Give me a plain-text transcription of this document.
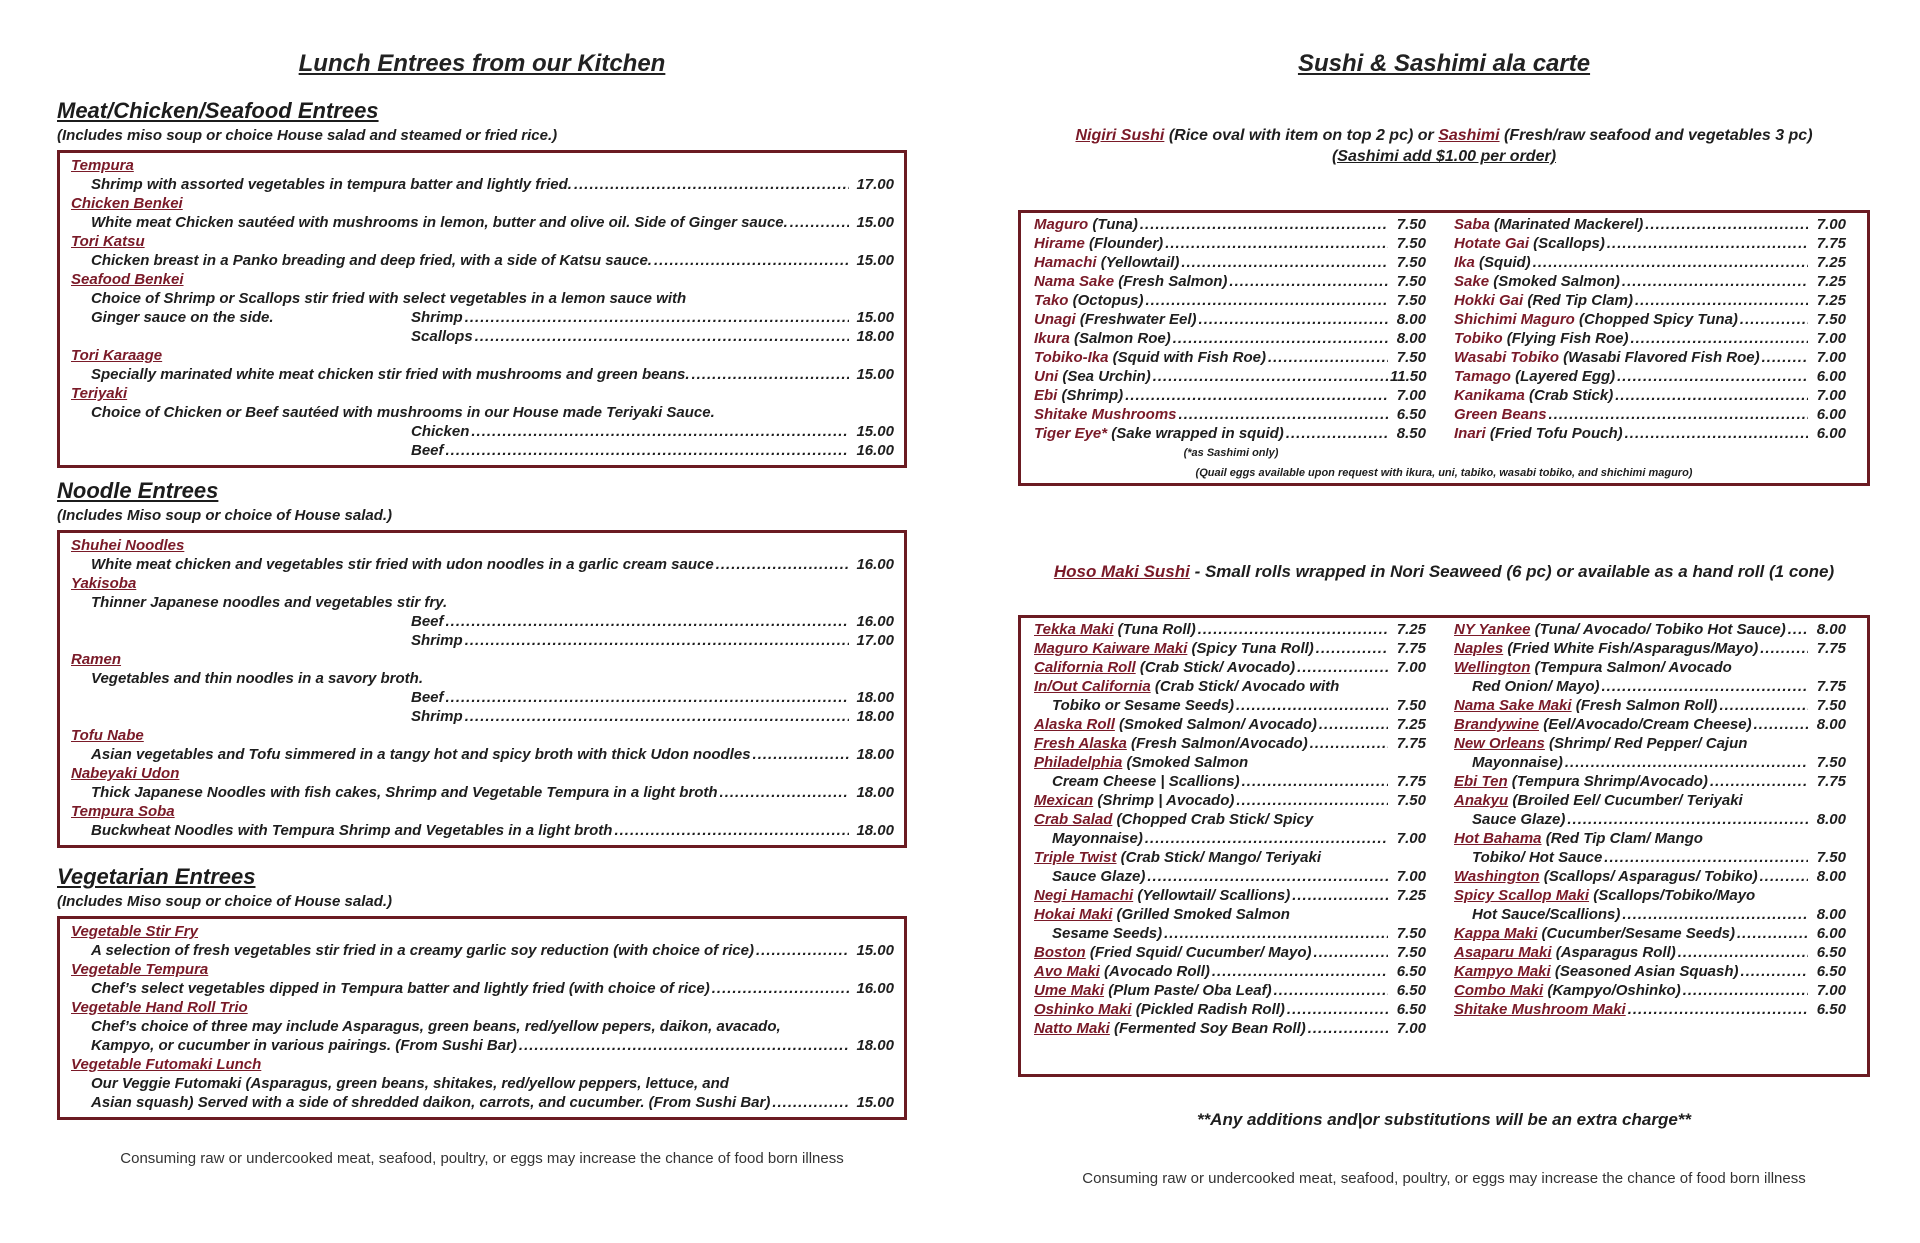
Lunch Entrees from our Kitchen
Meat/Chicken/Seafood Entrees
(Includes miso soup or choice House salad and steamed or fried rice.)
Tempura
Shrimp with assorted vegetables in tempura batter and lightly fried. .....	17.00
Chicken Benkei
White meat Chicken sautéed with mushrooms in lemon, butter and olive oil. Side of Ginger sauce. .....	15.00
Tori Katsu
Chicken breast in a Panko breading and deep fried, with a side of Katsu sauce. .....	15.00
Seafood Benkei
Choice of Shrimp or Scallops stir fried with select vegetables in a lemon sauce with
Ginger sauce on the side.	Shrimp .....	15.00
Scallops .....	18.00
Tori Karaage
Specially marinated white meat chicken stir fried with mushrooms and green beans. .....	15.00
Teriyaki
Choice of Chicken or Beef sautéed with mushrooms in our House made Teriyaki Sauce.
Chicken .....	15.00
Beef .....	16.00
Noodle Entrees
(Includes Miso soup or choice of House salad.)
Shuhei Noodles
White meat chicken and vegetables stir fried with udon noodles in a garlic cream sauce .....	16.00
Yakisoba
Thinner Japanese noodles and vegetables stir fry.
Beef .....	16.00
Shrimp .....	17.00
Ramen
Vegetables and thin noodles in a savory broth.
Beef .....	18.00
Shrimp .....	18.00
Tofu Nabe
Asian vegetables and Tofu simmered in a tangy hot and spicy broth with thick Udon noodles .....	18.00
Nabeyaki Udon
Thick Japanese Noodles with fish cakes, Shrimp and Vegetable Tempura in a light broth .....	18.00
Tempura Soba
Buckwheat Noodles with Tempura Shrimp and Vegetables in a light broth .....	18.00
Vegetarian Entrees
(Includes Miso soup or choice of House salad.)
Vegetable Stir Fry
A selection of fresh vegetables stir fried in a creamy garlic soy reduction (with choice of rice) .....	15.00
Vegetable Tempura
Chef’s select vegetables dipped in Tempura batter and lightly fried (with choice of rice) .....	16.00
Vegetable Hand Roll Trio
Chef’s choice of three may include Asparagus, green beans, red/yellow pepers, daikon, avacado,
Kampyo, or cucumber in various pairings. (From Sushi Bar) .....	18.00
Vegetable Futomaki Lunch
Our Veggie Futomaki (Asparagus, green beans, shitakes, red/yellow peppers, lettuce, and
Asian squash) Served with a side of shredded daikon, carrots, and cucumber. (From Sushi Bar) .....	15.00
Consuming raw or undercooked meat, seafood, poultry, or eggs may increase the chance of food born illness
Sushi & Sashimi ala carte
Nigiri Sushi (Rice oval with item on top 2 pc) or Sashimi (Fresh/raw seafood and vegetables 3 pc)
(Sashimi add $1.00 per order)
Maguro (Tuna) .....	7.50
Hirame (Flounder) .....	7.50
Hamachi (Yellowtail) .....	7.50
Nama Sake (Fresh Salmon) .....	7.50
Tako (Octopus) .....	7.50
Unagi (Freshwater Eel) .....	8.00
Ikura (Salmon Roe) .....	8.00
Tobiko-Ika (Squid with Fish Roe) .....	7.50
Uni (Sea Urchin) .....	11.50
Ebi (Shrimp) .....	7.00
Shitake Mushrooms .....	6.50
Tiger Eye* (Sake wrapped in squid) .....	8.50
Saba (Marinated Mackerel) .....	7.00
Hotate Gai (Scallops) .....	7.75
Ika (Squid) .....	7.25
Sake (Smoked Salmon) .....	7.25
Hokki Gai (Red Tip Clam) .....	7.25
Shichimi Maguro (Chopped Spicy Tuna) .....	7.50
Tobiko (Flying Fish Roe) .....	7.00
Wasabi Tobiko (Wasabi Flavored Fish Roe) .....	7.00
Tamago (Layered Egg) .....	6.00
Kanikama (Crab Stick) .....	7.00
Green Beans .....	6.00
Inari (Fried Tofu Pouch) .....	6.00
(*as Sashimi only)
(Quail eggs available upon request with ikura, uni, tabiko, wasabi tobiko, and shichimi maguro)
Hoso Maki Sushi - Small rolls wrapped in Nori Seaweed (6 pc) or available as a hand roll (1 cone)
Tekka Maki (Tuna Roll) .....	7.25
Maguro Kaiware Maki (Spicy Tuna Roll) .....	7.75
California Roll (Crab Stick/ Avocado) .....	7.00
In/Out California (Crab Stick/ Avocado with
Tobiko or Sesame Seeds) .....	7.50
Alaska Roll (Smoked Salmon/ Avocado) .....	7.25
Fresh Alaska (Fresh Salmon/Avocado) .....	7.75
Philadelphia (Smoked Salmon
Cream Cheese | Scallions) .....	7.75
Mexican (Shrimp | Avocado) .....	7.50
Crab Salad (Chopped Crab Stick/ Spicy
Mayonnaise) .....	7.00
Triple Twist (Crab Stick/ Mango/ Teriyaki
Sauce Glaze) .....	7.00
Negi Hamachi (Yellowtail/ Scallions) .....	7.25
Hokai Maki (Grilled Smoked Salmon
Sesame Seeds) .....	7.50
Boston (Fried Squid/ Cucumber/ Mayo) .....	7.50
Avo Maki (Avocado Roll) .....	6.50
Ume Maki (Plum Paste/ Oba Leaf) .....	6.50
Oshinko Maki (Pickled Radish Roll) .....	6.50
Natto Maki (Fermented Soy Bean Roll) .....	7.00
NY Yankee (Tuna/ Avocado/ Tobiko Hot Sauce) .....	8.00
Naples (Fried White Fish/Asparagus/Mayo) .....	7.75
Wellington (Tempura Salmon/ Avocado
Red Onion/ Mayo) .....	7.75
Nama Sake Maki (Fresh Salmon Roll) .....	7.50
Brandywine (Eel/Avocado/Cream Cheese) .....	8.00
New Orleans (Shrimp/ Red Pepper/ Cajun
Mayonnaise) .....	7.50
Ebi Ten (Tempura Shrimp/Avocado) .....	7.75
Anakyu (Broiled Eel/ Cucumber/ Teriyaki
Sauce Glaze) .....	8.00
Hot Bahama (Red Tip Clam/ Mango
Tobiko/ Hot Sauce .....	7.50
Washington (Scallops/ Asparagus/ Tobiko) .....	8.00
Spicy Scallop Maki (Scallops/Tobiko/Mayo
Hot Sauce/Scallions) .....	8.00
Kappa Maki (Cucumber/Sesame Seeds) .....	6.00
Asaparu Maki (Asparagus Roll) .....	6.50
Kampyo Maki (Seasoned Asian Squash) .....	6.50
Combo Maki (Kampyo/Oshinko) .....	7.00
Shitake Mushroom Maki .....	6.50
**Any additions and|or substitutions will be an extra charge**
Consuming raw or undercooked meat, seafood, poultry, or eggs may increase the chance of food born illness
